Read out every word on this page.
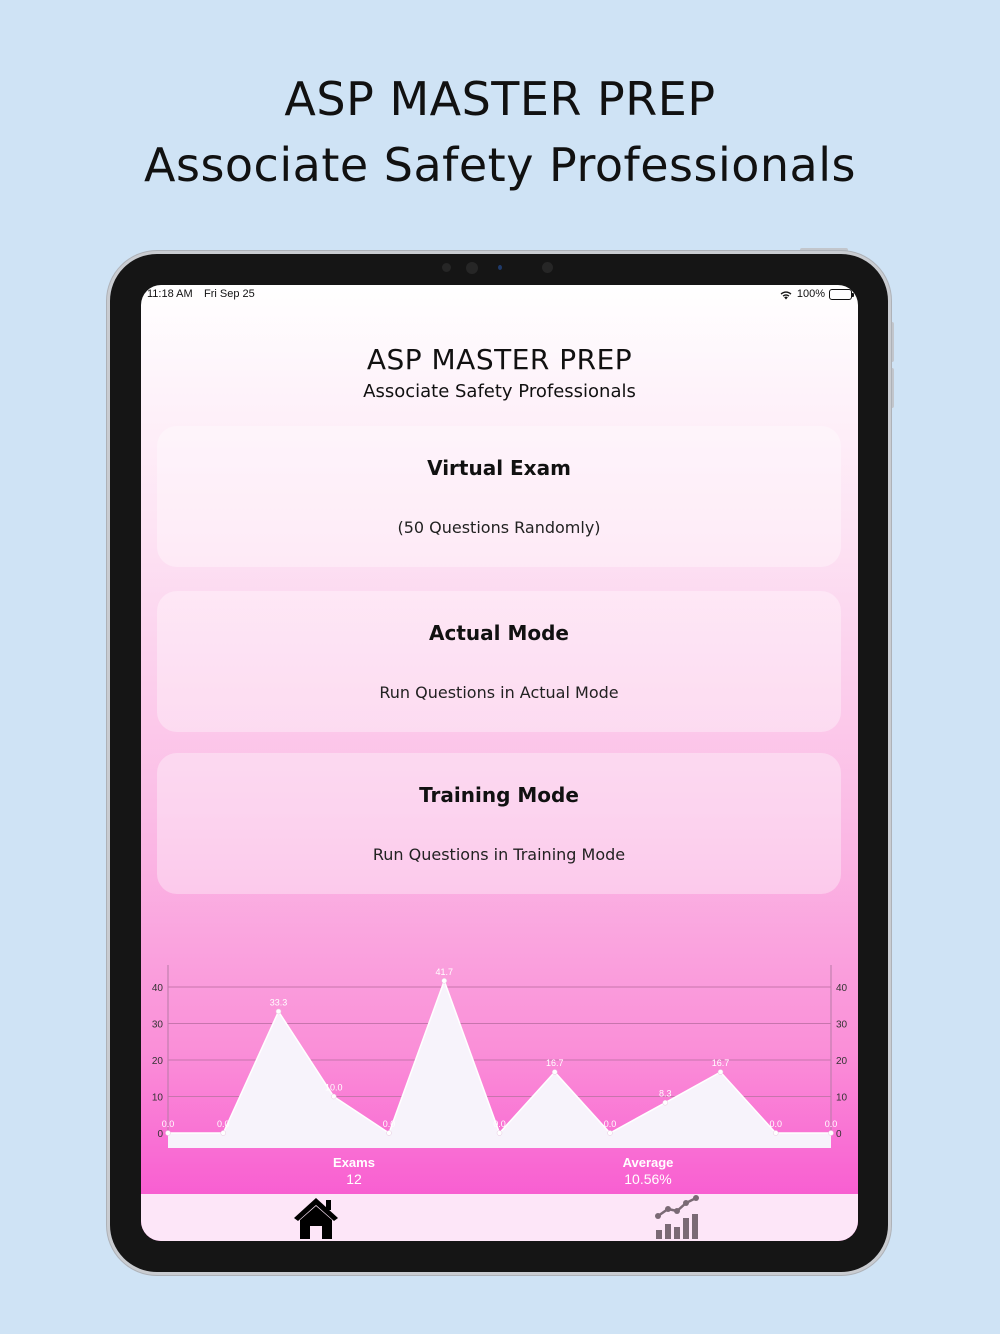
ASP MASTER PREP
Associate Safety Professionals
11:18 AM Fri Sep 25	100%
ASP MASTER PREP
Associate Safety Professionals
Virtual Exam
(50 Questions Randomly)
Actual Mode
Run Questions in Actual Mode
Training Mode
Run Questions in Training Mode
0	0
10	10
20	20
30	30
40	40
0.0	0.0
33.3
10.0
0.0
41.7
0.0
16.7
0.0
8.3
16.7
0.0	0.0
Exams
12
Average
10.56%
